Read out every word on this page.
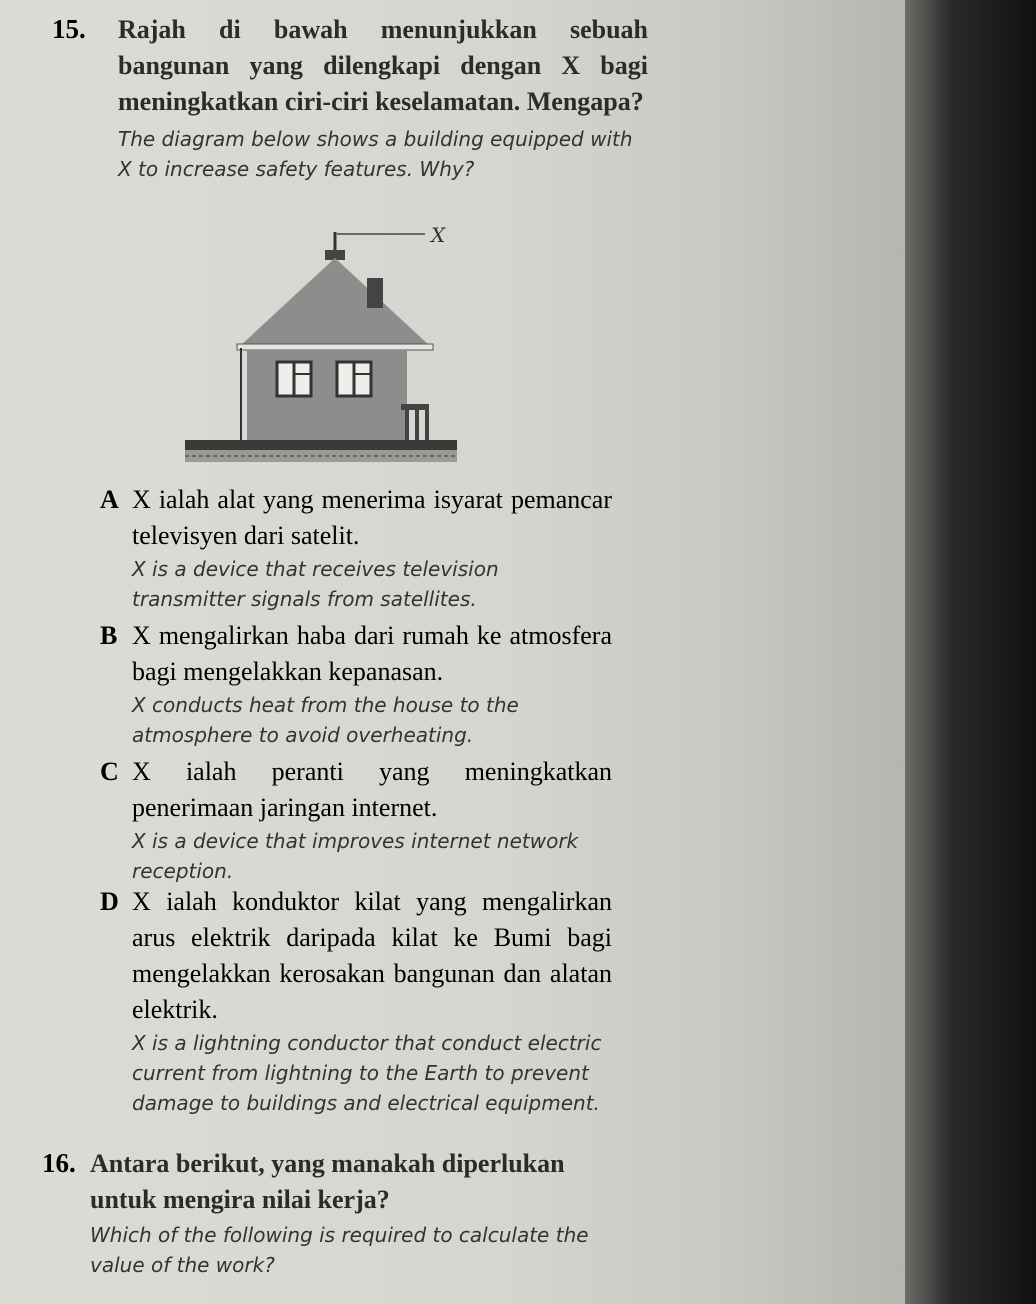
15. Rajah di bawah menunjukkan sebuah bangunan yang dilengkapi dengan X bagi meningkatkan ciri-ciri keselamatan. Mengapa?

The diagram below shows a building equipped with X to increase safety features. Why?

X
A X ialah alat yang menerima isyarat pemancar televisyen dari satelit.

X is a device that receives television transmitter signals from satellites.

B X mengalirkan haba dari rumah ke atmosfera bagi mengelakkan kepanasan.

X conducts heat from the house to the atmosphere to avoid overheating.

C X ialah peranti yang meningkatkan penerimaan jaringan internet.

X is a device that improves internet network reception.

D X ialah konduktor kilat yang mengalirkan arus elektrik daripada kilat ke Bumi bagi mengelakkan kerosakan bangunan dan alatan elektrik.

X is a lightning conductor that conduct electric current from lightning to the Earth to prevent damage to buildings and electrical equipment.

16. Antara berikut, yang manakah diperlukan untuk mengira nilai kerja?

Which of the following is required to calculate the value of the work?
